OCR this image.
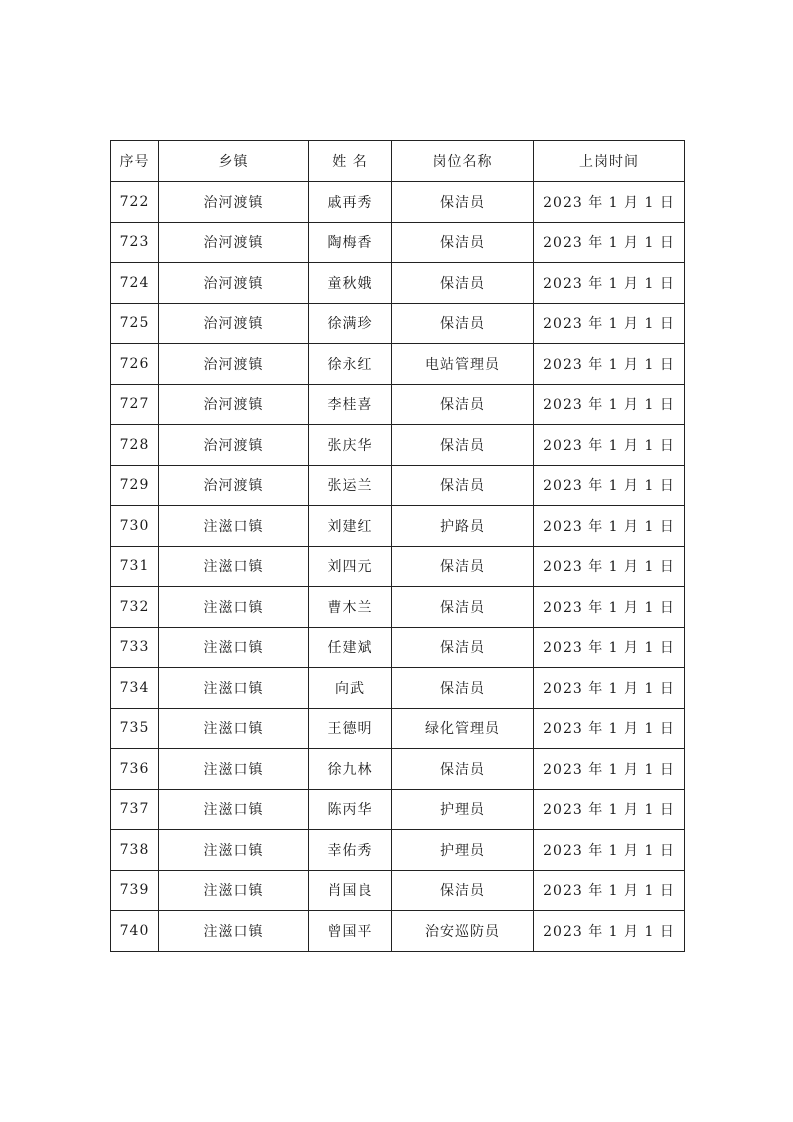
序号	乡镇	姓 名	岗位名称	上岗时间
722	治河渡镇	戚再秀	保洁员	2023 年 1 月 1 日
723	治河渡镇	陶梅香	保洁员	2023 年 1 月 1 日
724	治河渡镇	童秋娥	保洁员	2023 年 1 月 1 日
725	治河渡镇	徐满珍	保洁员	2023 年 1 月 1 日
726	治河渡镇	徐永红	电站管理员	2023 年 1 月 1 日
727	治河渡镇	李桂喜	保洁员	2023 年 1 月 1 日
728	治河渡镇	张庆华	保洁员	2023 年 1 月 1 日
729	治河渡镇	张运兰	保洁员	2023 年 1 月 1 日
730	注滋口镇	刘建红	护路员	2023 年 1 月 1 日
731	注滋口镇	刘四元	保洁员	2023 年 1 月 1 日
732	注滋口镇	曹木兰	保洁员	2023 年 1 月 1 日
733	注滋口镇	任建斌	保洁员	2023 年 1 月 1 日
734	注滋口镇	向武	保洁员	2023 年 1 月 1 日
735	注滋口镇	王德明	绿化管理员	2023 年 1 月 1 日
736	注滋口镇	徐九林	保洁员	2023 年 1 月 1 日
737	注滋口镇	陈丙华	护理员	2023 年 1 月 1 日
738	注滋口镇	幸佑秀	护理员	2023 年 1 月 1 日
739	注滋口镇	肖国良	保洁员	2023 年 1 月 1 日
740	注滋口镇	曾国平	治安巡防员	2023 年 1 月 1 日
